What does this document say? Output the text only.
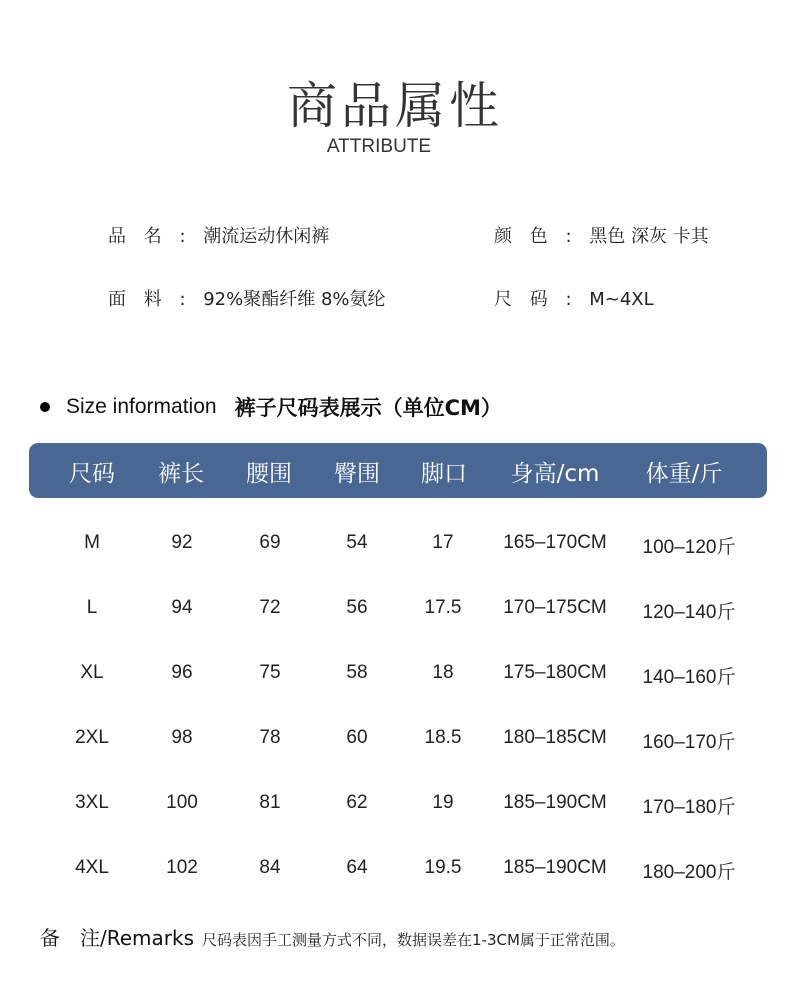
商品属性
ATTRIBUTE
品 名 : 潮流运动休闲裤	颜 色 : 黑色 深灰 卡其
面 料 : 92%聚酯纤维 8%氨纶	尺 码 : M~4XL
Size information 裤子尺码表展示（单位CM）
尺码 裤长 腰围 臀围 脚口 身高/cm 体重/斤
M	92	69	54	17	165–170CM 100–120斤
L	94	72	56	17.5 170–175CM 120–140斤
XL	96	75	58	18	175–180CM 140–160斤
2XL	98	78	60	18.5 180–185CM 160–170斤
3XL	100	81	62	19	185–190CM 170–180斤
4XL	102	84	64	19.5 185–190CM 180–200斤
备　注/Remarks 尺码表因手工测量方式不同，数据误差在1-3CM属于正常范围。
